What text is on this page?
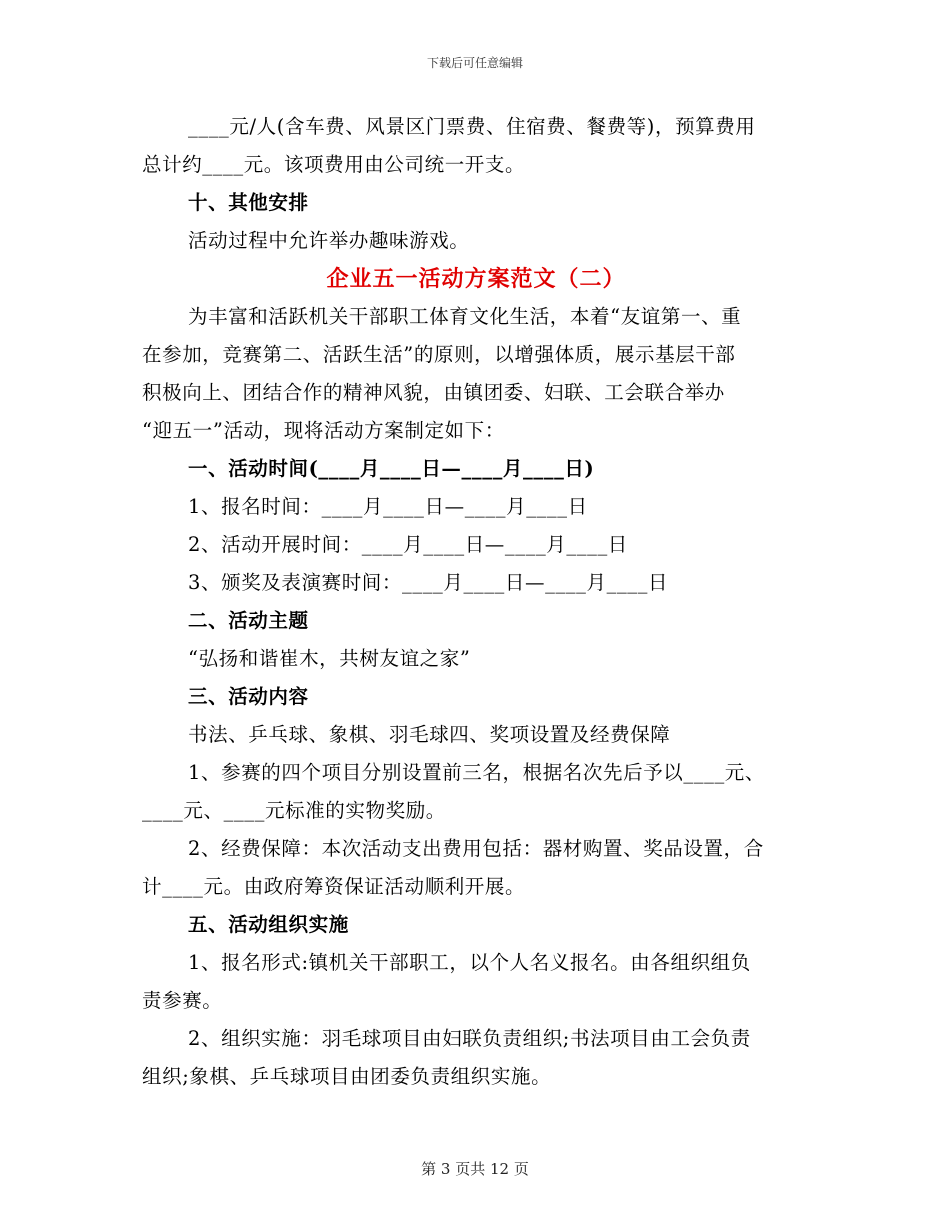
下载后可任意编辑
____元/人(含车费、风景区门票费、住宿费、餐费等)，预算费用
总计约____元。该项费用由公司统一开支。
十、其他安排
活动过程中允许举办趣味游戏。
企业五一活动方案范文（二）
为丰富和活跃机关干部职工体育文化生活，本着“友谊第一、重
在参加，竞赛第二、活跃生活”的原则，以增强体质，展示基层干部
积极向上、团结合作的精神风貌，由镇团委、妇联、工会联合举办
“迎五一”活动，现将活动方案制定如下：
一、活动时间(____月____日—____月____日)
1、报名时间：____月____日—____月____日
2、活动开展时间：____月____日—____月____日
3、颁奖及表演赛时间：____月____日—____月____日
二、活动主题
“弘扬和谐崔木，共树友谊之家”
三、活动内容
书法、乒乓球、象棋、羽毛球四、奖项设置及经费保障
1、参赛的四个项目分别设置前三名，根据名次先后予以____元、
____元、____元标准的实物奖励。
2、经费保障：本次活动支出费用包括：器材购置、奖品设置，合
计____元。由政府筹资保证活动顺利开展。
五、活动组织实施
1、报名形式:镇机关干部职工，以个人名义报名。由各组织组负
责参赛。
2、组织实施：羽毛球项目由妇联负责组织;书法项目由工会负责
组织;象棋、乒乓球项目由团委负责组织实施。
第 3 页共 12 页
